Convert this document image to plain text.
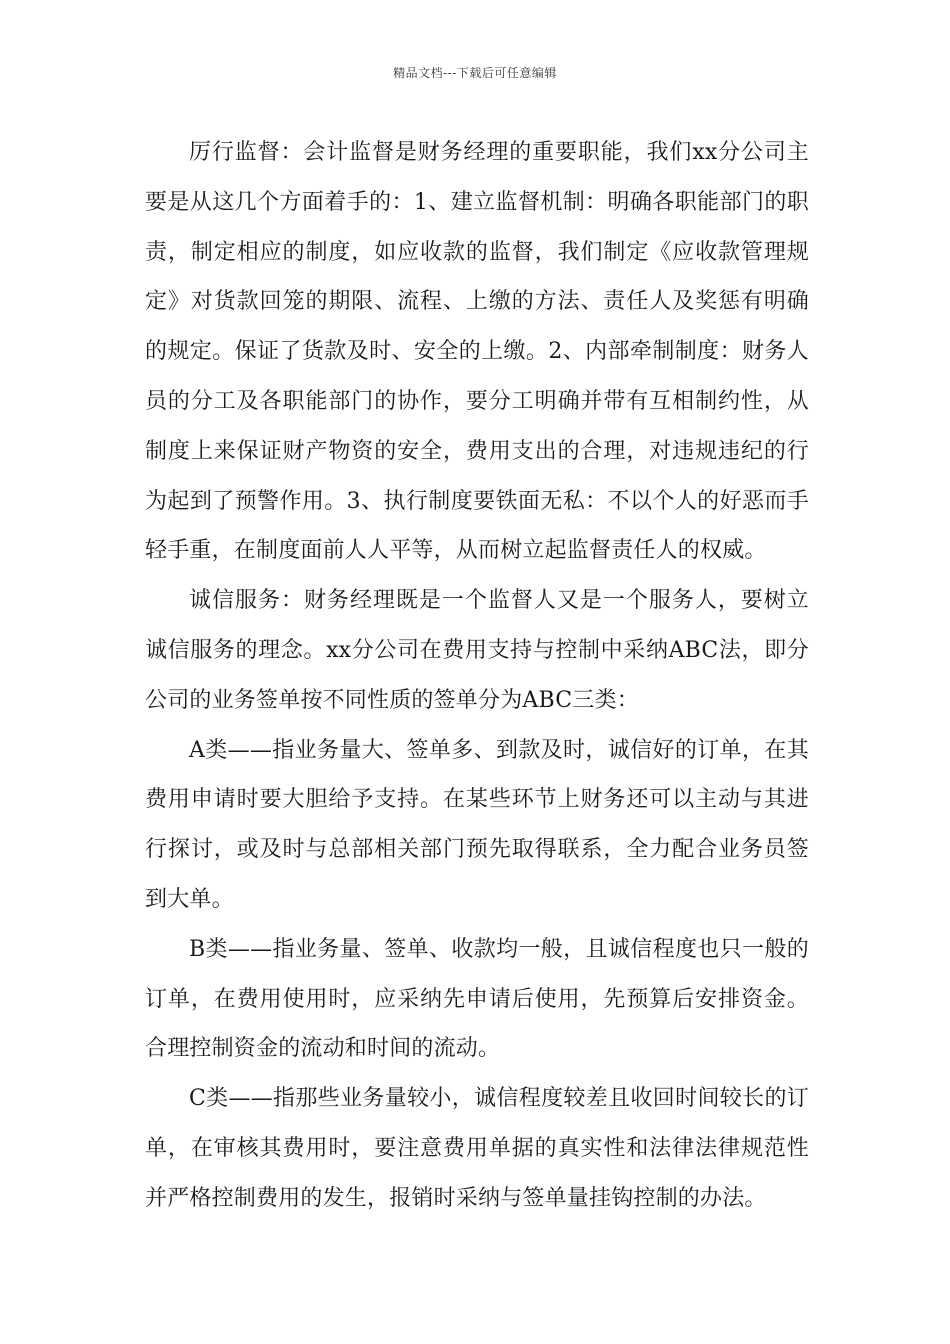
精品文档---下载后可任意编辑

厉行监督：会计监督是财务经理的重要职能，我们xx分公司主要是从这几个方面着手的：1、建立监督机制：明确各职能部门的职责，制定相应的制度，如应收款的监督，我们制定《应收款管理规定》对货款回笼的期限、流程、上缴的方法、责任人及奖惩有明确的规定。保证了货款及时、安全的上缴。2、内部牵制制度：财务人员的分工及各职能部门的协作，要分工明确并带有互相制约性，从制度上来保证财产物资的安全，费用支出的合理，对违规违纪的行为起到了预警作用。3、执行制度要铁面无私：不以个人的好恶而手轻手重，在制度面前人人平等，从而树立起监督责任人的权威。

诚信服务：财务经理既是一个监督人又是一个服务人，要树立诚信服务的理念。xx分公司在费用支持与控制中采纳ABC法，即分公司的业务签单按不同性质的签单分为ABC三类：

A类——指业务量大、签单多、到款及时，诚信好的订单，在其费用申请时要大胆给予支持。在某些环节上财务还可以主动与其进行探讨，或及时与总部相关部门预先取得联系，全力配合业务员签到大单。

B类——指业务量、签单、收款均一般，且诚信程度也只一般的订单，在费用使用时，应采纳先申请后使用，先预算后安排资金。合理控制资金的流动和时间的流动。

C类——指那些业务量较小，诚信程度较差且收回时间较长的订单，在审核其费用时，要注意费用单据的真实性和法律法律规范性并严格控制费用的发生，报销时采纳与签单量挂钩控制的办法。
